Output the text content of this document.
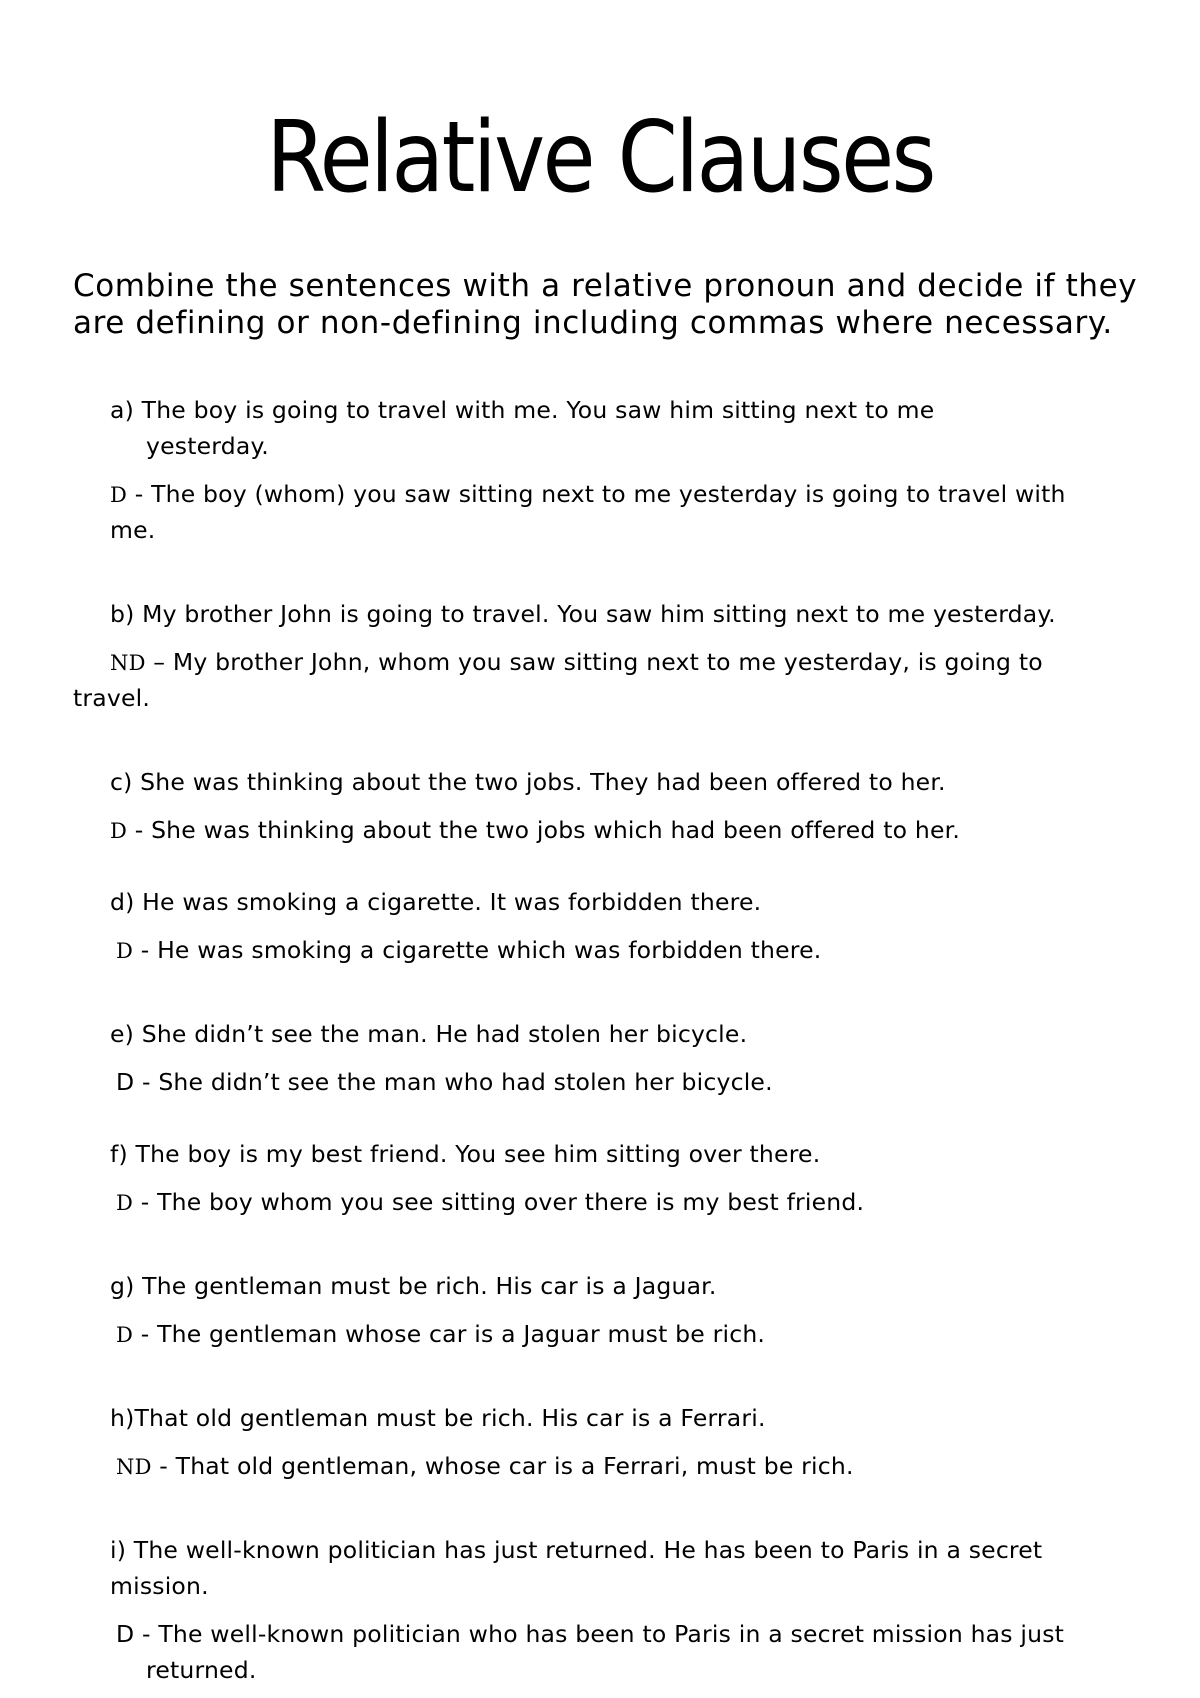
Relative Clauses

Combine the sentences with a relative pronoun and decide if they are defining or non-defining including commas where necessary.

a) The boy is going to travel with me. You saw him sitting next to me

yesterday.

D - The boy (whom) you saw sitting next to me yesterday is going to travel with

me.

b) My brother John is going to travel. You saw him sitting next to me yesterday.

ND – My brother John, whom you saw sitting next to me yesterday, is going to

travel.

c) She was thinking about the two jobs. They had been offered to her.

D - She was thinking about the two jobs which had been offered to her.

d) He was smoking a cigarette. It was forbidden there.

D - He was smoking a cigarette which was forbidden there.

e) She didn’t see the man. He had stolen her bicycle.

D - She didn’t see the man who had stolen her bicycle.

f) The boy is my best friend. You see him sitting over there.

D - The boy whom you see sitting over there is my best friend.

g) The gentleman must be rich. His car is a Jaguar.

D - The gentleman whose car is a Jaguar must be rich.

h)That old gentleman must be rich. His car is a Ferrari.

ND - That old gentleman, whose car is a Ferrari, must be rich.

i) The well-known politician has just returned. He has been to Paris in a secret

mission.

D - The well-known politician who has been to Paris in a secret mission has just

returned.
